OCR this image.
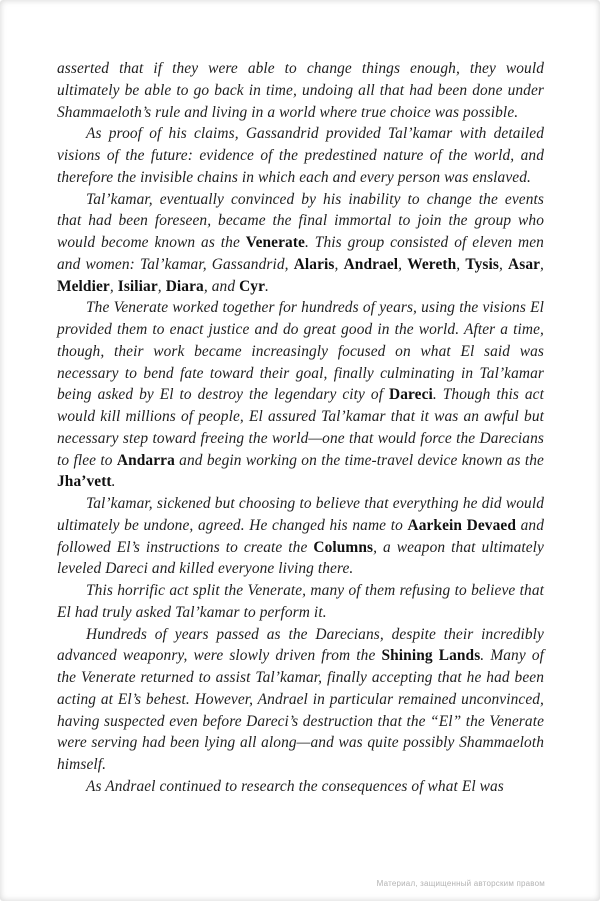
asserted that if they were able to change things enough, they would ultimately be able to go back in time, undoing all that had been done under Shammaeloth’s rule and living in a world where true choice was possible.

As proof of his claims, Gassandrid provided Tal’kamar with detailed visions of the future: evidence of the predestined nature of the world, and therefore the invisible chains in which each and every person was enslaved.

Tal’kamar, eventually convinced by his inability to change the events that had been foreseen, became the final immortal to join the group who would become known as the Venerate. This group consisted of eleven men and women: Tal’kamar, Gassandrid, Alaris, Andrael, Wereth, Tysis, Asar, Meldier, Isiliar, Diara, and Cyr.

The Venerate worked together for hundreds of years, using the visions El provided them to enact justice and do great good in the world. After a time, though, their work became increasingly focused on what El said was necessary to bend fate toward their goal, finally culminating in Tal’kamar being asked by El to destroy the legendary city of Dareci. Though this act would kill millions of people, El assured Tal’kamar that it was an awful but necessary step toward freeing the world—one that would force the Darecians to flee to Andarra and begin working on the time-travel device known as the Jha’vett.

Tal’kamar, sickened but choosing to believe that everything he did would ultimately be undone, agreed. He changed his name to Aarkein Devaed and followed El’s instructions to create the Columns, a weapon that ultimately leveled Dareci and killed everyone living there.

This horrific act split the Venerate, many of them refusing to believe that El had truly asked Tal’kamar to perform it.

Hundreds of years passed as the Darecians, despite their incredibly advanced weaponry, were slowly driven from the Shining Lands. Many of the Venerate returned to assist Tal’kamar, finally accepting that he had been acting at El’s behest. However, Andrael in particular remained unconvinced, having suspected even before Dareci’s destruction that the “El” the Venerate were serving had been lying all along—and was quite possibly Shammaeloth himself.

As Andrael continued to research the consequences of what El was

Материал, защищенный авторским правом
